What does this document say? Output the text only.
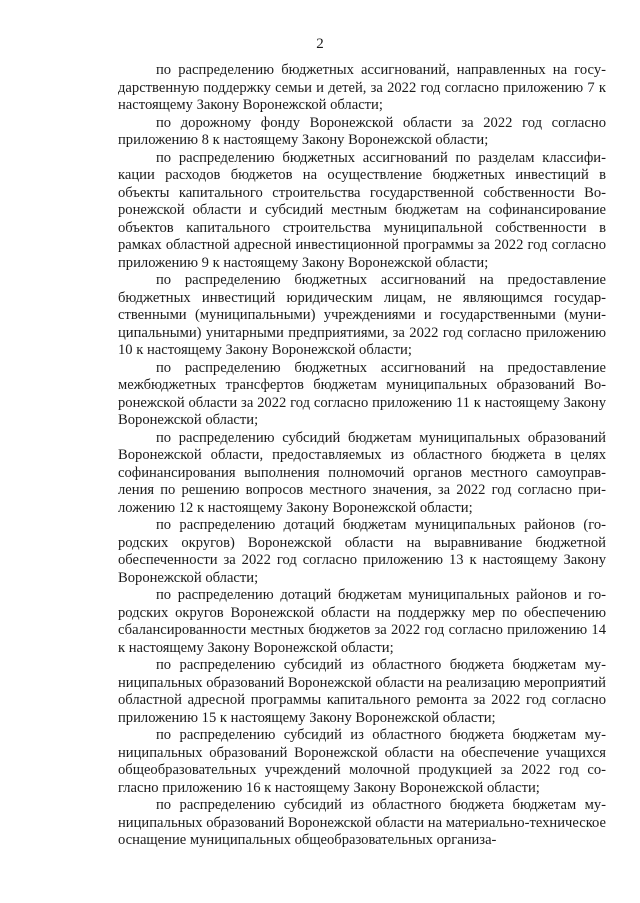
2

по распределению бюджетных ассигнований, направленных на государственную поддержку семьи и детей, за 2022 год согласно приложению 7 к настоящему Закону Воронежской области;

по дорожному фонду Воронежской области за 2022 год согласно приложению 8 к настоящему Закону Воронежской области;

по распределению бюджетных ассигнований по разделам классификации расходов бюджетов на осуществление бюджетных инвестиций в объекты капитального строительства государственной собственности Воронежской области и субсидий местным бюджетам на софинансирование объектов капитального строительства муниципальной собственности в рамках областной адресной инвестиционной программы за 2022 год согласно приложению 9 к настоящему Закону Воронежской области;

по распределению бюджетных ассигнований на предоставление бюджетных инвестиций юридическим лицам, не являющимся государственными (муниципальными) учреждениями и государственными (муниципальными) унитарными предприятиями, за 2022 год согласно приложению 10 к настоящему Закону Воронежской области;

по распределению бюджетных ассигнований на предоставление межбюджетных трансфертов бюджетам муниципальных образований Воронежской области за 2022 год согласно приложению 11 к настоящему Закону Воронежской области;

по распределению субсидий бюджетам муниципальных образований Воронежской области, предоставляемых из областного бюджета в целях софинансирования выполнения полномочий органов местного самоуправления по решению вопросов местного значения, за 2022 год согласно приложению 12 к настоящему Закону Воронежской области;

по распределению дотаций бюджетам муниципальных районов (городских округов) Воронежской области на выравнивание бюджетной обеспеченности за 2022 год согласно приложению 13 к настоящему Закону Воронежской области;

по распределению дотаций бюджетам муниципальных районов и городских округов Воронежской области на поддержку мер по обеспечению сбалансированности местных бюджетов за 2022 год согласно приложению 14 к настоящему Закону Воронежской области;

по распределению субсидий из областного бюджета бюджетам муниципальных образований Воронежской области на реализацию мероприятий областной адресной программы капитального ремонта за 2022 год согласно приложению 15 к настоящему Закону Воронежской области;

по распределению субсидий из областного бюджета бюджетам муниципальных образований Воронежской области на обеспечение учащихся общеобразовательных учреждений молочной продукцией за 2022 год согласно приложению 16 к настоящему Закону Воронежской области;

по распределению субсидий из областного бюджета бюджетам муниципальных образований Воронежской области на материально-техническое оснащение муниципальных общеобразовательных организа-
